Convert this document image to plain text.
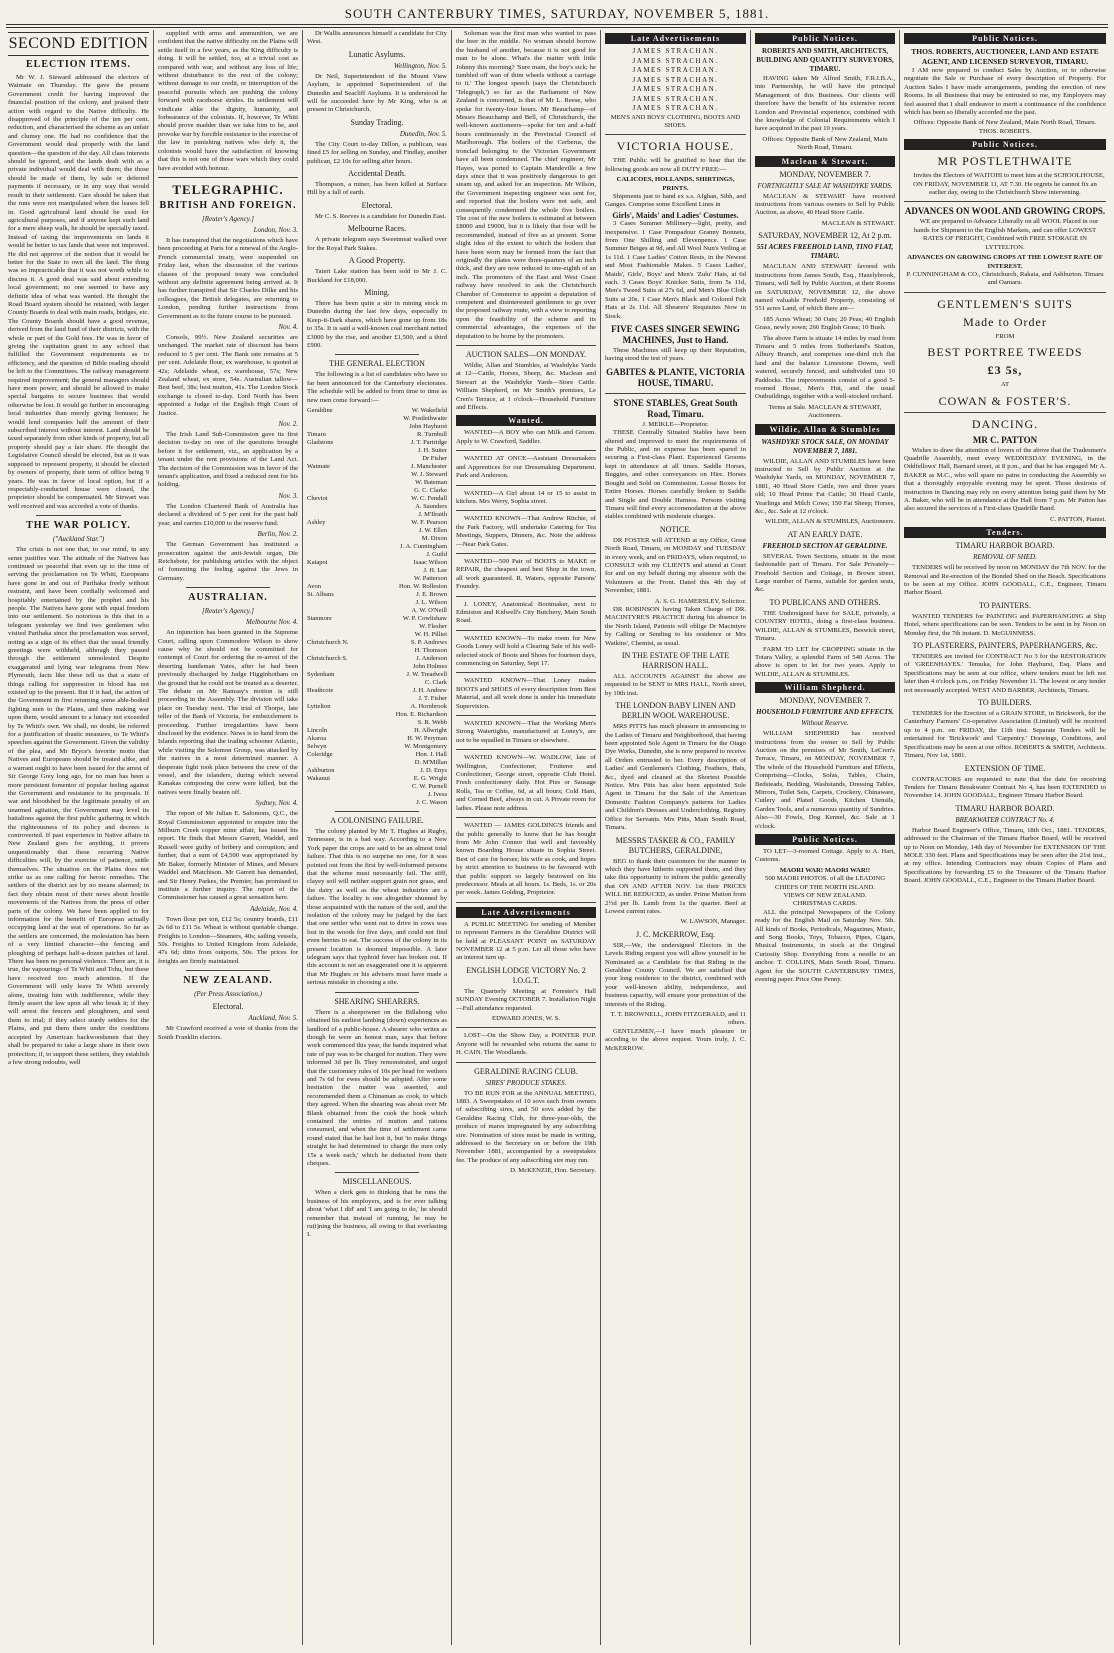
SOUTH CANTERBURY TIMES, SATURDAY, NOVEMBER 5, 1881.
SECOND EDITION
ELECTION ITEMS.

Mr W. J. Steward addressed the electors of Waimate on Thursday. He gave the present Government credit for having improved the financial position of the colony, and praised their action with regard to the Native difficulty. He disapproved of the principle of the ten per cent. reduction, and characterised the scheme as an unfair and clumsy one. He had no confidence that the Government would deal properly with the land question—the question of the day. All class interests should be ignored, and the lands dealt with as a private individual would deal with them; the those should be made of them, by sale or deferred payments if necessary, or in any way that would result in their settlement. Care should be taken that the runs were not manipulated when the leases fell in. Good agricultural land should be used for agricultural purposes, and if anyone kept such land for a mere sheep walk, he should be specially taxed. Instead of taxing the improvements on lands it would be better to tax lands that were not improved. He did not approve of the notion that it would be better for the State to own all the land. The thing was so impracticable that it was not worth while to discuss it. A good deal was said about extending local government; no one seemed to have any definite idea of what was wanted. He thought the Road Board system should be retained, with larger County Boards to deal with main roads, bridges, etc. The County Boards should have a good revenue, derived from the land fund of their districts, with the whole or part of the Gold fees. He was in favor of giving the capitation grant to any school that fulfilled the Government requirements as to efficiency, and the question of Bible reading should be left to the Committees. The railway management required improvement; the general managers should have more power, and should be allowed to make special bargains to secure business that would otherwise be lost. It would go further in encouraging local industries than merely giving bonuses; he would lend companies half the amount of their subscribed interest without interest. Land should be taxed separately from other kinds of property, but all property should pay a fair share. He thought the Legislative Council should be elected, but as it was supposed to represent property, it should be elected by owners of property, their term of office being 9 years. He was in favor of local option, but if a respectably-conducted house were closed, the proprietor should be compensated. Mr Stewart was well received and was accorded a vote of thanks.

THE WAR POLICY.
("Auckland Star.")

The crisis is not one that, to our mind, in any sense justifies war. The attitude of the Natives has continued so peaceful that even up to the time of serving the proclamation on Te Whiti, Europeans have gone in and out of Parihaka freely without restraint, and have been cordially welcomed and hospitably entertained by the prophet and his people. The Natives have gone with equal freedom into our settlement. So notorious is this that in a telegram yesterday we find two gentlemen who visited Parihaka since the proclamation was served, noting as a sign of its effect that the usual friendly greetings were withheld, although they passed through the settlement unmolested. Despite exaggerated and lying war telegrams from New Plymouth, facts like these tell us that a state of things calling for suppression in blood has not existed up to the present. But if it had, the action of the Government in first returning some able-bodied fighting men to the Plains, and then making war upon them, would amount to a lunacy not exceeded by Te Whiti's own. We shall, no doubt, be referred for a justification of drastic measures, to Te Whiti's speeches against the Government. Given the validity of the plea, and Mr Bryce's favorite motto that Natives and Europeans should be treated alike, and a warrant ought to have been issued for the arrest of Sir George Grey long ago, for no man has been a more persistent fomentor of popular feeling against the Government and resistance to its proposals. If war and bloodshed be the legitimate penalty of an unarmed agitation, the Government may level its battalions against the first public gathering in which the righteousness of its policy and decrees is controverted. If past experience in Native affairs in New Zealand goes for anything, it proves unquestionably that these recurring Native difficulties will, by the exercise of patience, settle themselves. The situation on the Plains does not strike us as one calling for heroic remedies. The settlers of the district are by no means alarmed; in fact they obtain most of their news about hostile movements of the Natives from the press of other parts of the colony. We have been applied to for information for the benefit of European actually occupying land at the seat of operations. So far as the settlers are concerned, the molestation has been of a very limited character—the fencing and ploughing of perhaps half-a-dozen patches of land. There has been no personal violence. There are, it is true, the vapourings of Te Whiti and Tohu, but these have received too much attention. If the Government will only leave Te Whiti severely alone, treating him with indifference, while they firmly assert the law upon all who break it; if they will arrest the fencers and ploughmen, and send them to trial; if they select sturdy settlers for the Plains, and put them there under the conditions accepted by American backwoodsmen that they shall be prepared to take a large share in their own protection; if, to support these settlers, they establish a few strong redoubts, well

supplied with arms and ammunition, we are confident that the native difficulty on the Plains will settle itself in a few years, as the King difficulty is doing. It will be settled, too, at a trivial cost as compared with war, and without any loss of life; without disturbance to the rest of the colony; without damage to our credit, or interruption of the peaceful pursuits which are pushing the colony forward with racehorse strides. Its settlement will vindicate alike the dignity, humanity, and forbearance of the colonists. If, however, Te Whiti should prove madder than we take him to be, and provoke war by forcible resistance to the exercise of the law in punishing natives who defy it, the colonists would have the satisfaction of knowing that this is not one of those wars which they could have avoided with honour.

TELEGRAPHIC.
BRITISH AND FOREIGN.
[Reuter's Agency.]
London, Nov. 3.

It has transpired that the negotiations which have been proceeding at Paris for a renewal of the Anglo-French commercial treaty, were suspended on Friday last, when the discussion of the various clauses of the proposed treaty was concluded without any definite agreement being arrived at. It has further transpired that Sir Charles Dilke and his colleagues, the British delegates, are returning to London, pending further instructions from Government as to the future course to be pursued.

Nov. 4.

Consols, 99½. New Zealand securities are unchanged. The market rate of discount has been reduced to 5 per cent. The Bank rate remains at 5 per cent. Adelaide flour, ex warehouse, is quoted at 42s; Adelaide wheat, ex warehouse, 57s; New Zealand wheat, ex store, 54s. Australian tallow—Best beef, 38s; best mutton, 41s. The London Stock exchange is closed to-day. Lord North has been appointed a Judge of the English High Court of Justice.

Nov. 2.

The Irish Land Sub-Commission gave its first decision to-day on one of the questions brought before it for settlement, viz., an application by a tenant under the rent provisions of the Land Act. The decision of the Commission was in favor of the tenant's application, and fixed a reduced rent for his holding.

Nov. 3.

The London Chartered Bank of Australia has declared a dividend of 5 per cent for the past half year, and carries £10,000 to the reserve fund.

Berlin, Nov. 2.

The German Government has instituted a prosecution against the anti-Jewish organ, Die Reichsbote, for publishing articles with the object of fomenting the feeling against the Jews in Germany.

AUSTRALIAN.
[Reuter's Agency.]
Melbourne Nov. 4.

An injunction has been granted in the Supreme Court, calling upon Commodore Wilson to show cause why he should not be committed for contempt of Court for ordering the re-arrest of the deserting bandsman Yates, after he had been previously discharged by Judge Higginbotham on the ground that he could not be treated as a deserter. The debate on Mr Ramsay's motion is still proceeding in the Assembly. The division will take place on Tuesday next. The trial of Thorpe, late teller of the Bank of Victoria, for embezzlement is proceeding. Further irregularities have been disclosed by the evidence. News is to hand from the Islands reporting that the trading schooner Atlantic, while visiting the Solomon Group, was attacked by the natives in a most determined manner. A desperate fight took place between the crew of the vessel, and the islanders, during which several Kanakas composing the crew were killed, but the natives were finally beaten off.

Sydney, Nov. 4.

The report of Mr Julian E. Salomons, Q.C., the Royal Commissioner appointed to enquire into the Milburn Creek copper mine affair, has issued his report. He finds that Messrs Garrett, Waddel, and Russell were guilty of bribery and corruption; and further, that a sum of £4,500 was appropriated by Mr Baker, formerly Minister of Mines, and Messrs Waddel and Matchison. Mr Garrett has demanded, and Sir Henry Parkes, the Premier, has promised to institute a further inquiry. The report of the Commissioner has caused a great sensation here.

Adelaide, Nov. 4.

Town flour per ton, £12 5s; country brands, £11 2s 6d to £11 5s. Wheat is without quotable change. Freights to London—Steamers, 40s; sailing vessels, 50s. Freights to United Kingdom from Adelaide, 47s 6d; ditto from outports, 50s. The prices for freights are firmly maintained.

NEW ZEALAND.
(Per Press Association.)
Electoral.
Auckland, Nov. 5.

Mr Crawford received a vote of thanks from the South Franklin electors.

Dr Wallis announces himself a candidate for City West.

Lunatic Asylums.
Wellington, Nov. 5.

Dr Neil, Superintendent of the Mount View Asylum, is appointed Superintendent of the Dunedin and Seacliff Asylums. It is understood he will be succeeded here by Mr King, who is at present in Christchurch.

Sunday Trading.
Dunedin, Nov. 5.

The City Court to-day Dillon, a publican, was fined £5 for selling on Sunday, and Findlay, another publican, £2 10s for selling after hours.

Accidental Death.

Thompson, a miner, has been killed at Surface Hill by a fall of earth.

Electoral.

Mr C. S. Reeves is a candidate for Dunedin East.

Melbourne Races.

A private telegram says Sweetmeat walked over for the Royal Park Stakes.

A Good Property.

Taieri Lake station has been sold to Mr J. C. Buckland for £18,000.

Mining.

There has been quite a stir in mining stock in Dunedin during the last few days, especially in Keep-it-Dark shares, which have gone up from 18s to 35s. It is said a well-known coal merchant netted £3000 by the rise, and another £1,500, and a third £900.

THE GENERAL ELECTION

The following is a list of candidates who have so far been announced for the Canterbury electorates. The schedule will be added to from time to time as new men come forward:—

Geraldine	W. Wakefield
W. Postlethwaite
John Hayhurst
Timaru	R. Turnbull
Gladstone	J. T. Partridge
J. H. Sutter
Dr Fisher
Waimate	J. Manchester
W. J. Steward
W. Bateman
G. C. Clarke
Cheviot	W. C. Fendall
A. Saunders
J. M'Ilraith
Ashley	W. F. Pearson
J. W. Ellen
M. Dixon
J. A. Cunningham
J. Guild
Kaiapoi	Isaac Wilson
J. H. Lee
W. Patterson
Avon	Hon. W. Rolleston
St. Albans	J. E. Brown
J. L. Wilson
A. W. O'Neill
Stanmore	W. P. Cowlishaw
W. Flesher
W. H. Pilliet
Christchurch N.	S. P. Andrews
H. Thomson
Christchurch S.	J. Anderson
John Holmes
Sydenham	J. W. Treadwell
C. Clark
Heathcote	J. H. Andrew
J. T. Fisher
Lyttelton	A. Hornbrook
Hon. E. Richardson
S. R. Webb
Lincoln	H. Allwright
Akaroa	H. W. Peryman
Selwyn	W. Montgomery
Coleridge	Hon. J. Hall
D. M'Millan
Ashburton	J. D. Enys
Wakanui	E. G. Wright
C. W. Purnell
J. Ivess
J. C. Wason
A COLONISING FAILURE.

The colony planted by Mr T. Hughes at Rugby, Tennessee, is in a bad way. According to a New York paper the crops are said to be an almost total failure. That this is no surprise no one, for it was pointed out from the first by well-informed persons that the scheme must necessarily fail. The stiff, clayey soil will neither support grain nor grass, and the dairy as well as the wheat industries are a failure. The locality is one altogether shunned by those acquainted with the nature of the soil, and the isolation of the colony may be judged by the fact that one settler who went out to drive in cows was lost in the woods for five days, and could not find even berries to eat. The success of the colony in its present location is doomed impossible. A later telegram says that typhoid fever has broken out. If this account is not an exaggerated one it is apparent that Mr Hughes or his advisers must have made a serious mistake in choosing a site.

SHEARING SHEARERS.

There is a sheepowner on the Billabong who obtained his earliest lambing (down) experiences as landlord of a public-house. A shearer who writes as though he were an honest man, says that before work commenced this year, the bands inquired what rate of pay was to be charged for mutton. They were informed 3d per lb. They remonstrated, and urged that the customary rules of 10s per head for wethers and 7s 6d for ewes should be adopted. After some hesitation the matter was assented, and recommended them a Chinaman as cook, to which they agreed. When the shearing was about over Mr Blank obtained from the cook the book which contained the entries of mutton and rations consumed, and when the time of settlement came round stated that he had lost it, but 'to make things straight he had determined to charge the men only 15s a week each,' which he deducted from their cheques.

MISCELLANEOUS.

When a clerk gets to thinking that he runs the business of his employers, and is for ever talking about 'what I did' and 'I am going to do,' he should remember that instead of running, he may be ru(i)ning the business, all owing to that everlasting I.

Soloman was the first man who wanted to pass the beer in the middle. No woman should borrow the husband of another, because it is not good for man to be alone. What's the matter with little Johnny this morning? 'Sure mam, the boy's sick; he tumbled off wan of thim wheels without a carriage to it.' The longest speech (says the Christchurch 'Telegraph,') so far as the Parliament of New Zealand is concerned, is that of Mr L. Reese, who spoke for twenty-four hours. Mr Beauchamp—of Messrs Beauchamp and Bell, of Christchurch, the well-known auctioneers—spoke for ten and a-half hours continuously in the Provincial Council of Marlborough. The boilers of the Cerberus, the ironclad belonging to the Victorian Government have all been condemned. The chief engineer, Mr Hayes, was ported to Captain Mandeville a few days since that it was positively dangerous to get steam up, and asked for an inspection. Mr Wilson, the Government inspecting engineer was sent for, and reported that the boilers were not safe, and consequently condemned the whole five boilers. The cost of the new boilers is estimated at between £8000 and £9000, but it is likely that four will be recommended, instead of five as at present. Some slight idea of the extent to which the boilers that have been worn may be formed from the fact that originally the plates were three-quarters of an inch thick, and they are now reduced to one-eighth of an inch. The promoters of the East and West Coast railway have resolved to ask the Christchurch Chamber of Commerce to appoint a deputation of competent and disinterested gentlemen to go over the proposed railway route, with a view to reporting upon the feasibility of the scheme and its commercial advantages, the expenses of the deputation to be borne by the promoters.

AUCTION SALES—ON MONDAY.

Wildie, Allan and Stumbles, at Washdyke Yards at 12—Cattle, Horses, Sheep, &c. Maclean and Stewart at the Washdyke Yards—Store Cattle. William Shepherd, on Mr Smith's premises, Le Cren's Terrace, at 1 o'clock—Household Furniture and Effects.

Wanted.

WANTED—A BOY who can Milk and Groom. Apply to W. Crawford, Saddler.

WANTED AT ONCE—Assistant Dressmakers and Apprentices for our Dressmaking Department. Park and Anderson.

WANTED—A Girl about 14 or 15 to assist in kitchen. Mrs Werry, Sophia street.

WANTED KNOWN—That Andrew Ritchie, of the Park Factory, will undertake Catering for Tea Meetings, Suppers, Dinners, &c. Note the address—Near Park Gates.

WANTED—500 Pair of BOOTS to MAKE or REPAIR, the cheapest and best Shop in the town, all work guaranteed. R. Waters, opposite Parsons' Foundry.

J. LONEY, Anatomical Bootmaker, next to Edmiston and Kidwell's City Butchery, Main South Road.

WANTED KNOWN—To make room for New Goods Loney will hold a Clearing Sale of his well-selected stock of Boots and Shoes for fourteen days, commencing on Saturday, Sept 17.

WANTED KNOWN—That Loney makes BOOTS and SHOES of every description from Best Material, and all work done is under his immediate Supervision.

WANTED KNOWN—That the Working Men's Strong Watertights, manufactured at Loney's, are not to be equalled in Timaru or elsewhere.

WANTED KNOWN—W. WADLOW, late of Wellington, Confectioner, Fruiterer and Confectioner, George street, opposite Club Hotel. Fresh confectionery daily. Hot Pies or Sausage Rolls, Tea or Coffee, 6d, at all hours; Cold Ham, and Corned Beef, always in cut. A Private room for ladies. Please note address.

WANTED — JAMES GOLDING'S friends and the public generally to know that he has bought from Mr John Connor that well and favorably known Boarding House situate in Sophia Street. Best of care for horses; his wife as cook, and hopes by strict attention to business to be favoured with that public support so largely bestowed on his predecessor. Meals at all hours. 1s. Beds, 1s. or 20s per week. James Golding, Proprietor.

Late Advertisements

A PUBLIC MEETING for sending of Member to represent Farmers in the Geraldine District will be held at PLEASANT POINT on SATURDAY NOVEMBER 12 at 5 p.m. Let all those who have an interest turn up.

ENGLISH LODGE VICTORY No. 2 I.O.G.T.

The Quarterly Meeting at Forester's Hall SUNDAY Evening OCTOBER 7. Installation Night—Full attendance requested.

EDWARD JONES, W. S.

LOST—On the Show Day, a POINTER PUP. Anyone will be rewarded who returns the same to H. CAIN. The Woodlands.

GERALDINE RACING CLUB.
SIRES' PRODUCE STAKES.

TO BE RUN FOR at the ANNUAL MEETING, 1883. A Sweepstakes of 10 sovs each from owners of subscribing sires, and 50 sovs added by the Geraldine Racing Club, for three-year-olds, the produce of mares impregnated by any subscribing sire. Nomination of sires must be made in writing, addressed to the Secretary on or before the 19th November 1881, accompanied by a sweepstakes fee. The produce of any subscribing sire may run.

D. McKENZIE, Hon. Secretary.
Late Advertisements
JAMES STRACHAN.
JAMES STRACHAN.
JAMES STRACHAN.
JAMES STRACHAN.
JAMES STRACHAN.
JAMES STRACHAN.
JAMES STRACHAN.
MEN'S AND BOYS' CLOTHING, BOOTS AND SHOES.
VICTORIA HOUSE.

THE Public will be gratified to hear that the following goods are now all DUTY FREE:—

CALICOES, HOLLANDS, SHIRTINGS, PRINTS.

Shipments just to hand ex s.s. Afghan, Sibh, and Ganges. Comprise some Excellent Lines in

Girls', Maids' and Ladies' Costumes.

3 Cases Summer Millinery—light, pretty, and inexpensive. 1 Case Pompadour Granny Bonnets, from One Shilling and Elevenpence. 1 Case Summer Beiges at 9d, and All Wool Nun's Veiling at 1s 11d. 1 Case Ladies' Cotton Rests, in the Newest and Most Fashionable Makes. 5 Cases Ladies', Maids', Girls', Boys' and Men's 'Zulu' Hats, at 6d each. 3 Cases Boys' Knicker Suits, from 5s 11d, Men's Tweed Suits at 27s 6d, and Men's Blue Cloth Suits at 20s. 1 Case Men's Black and Colored Felt Hats at 2s 11d. All Shearers' Requisites Now in Stock.

FIVE CASES SINGER SEWING MACHINES, Just to Hand.

These Machines still keep up their Reputation, having stood the test of years.

GABITES & PLANTE, VICTORIA HOUSE, TIMARU.
STONE STABLES, Great South Road, Timaru.
J. MEIKLE—Proprietor.

THESE Centrally Situated Stables have been altered and improved to meet the requirements of the Public, and no expense has been spared in securing a First-class Plant. Experienced Grooms kept in attendance at all times. Saddle Horses, Buggies, and other conveyances on Hire. Horses Bought and Sold on Commission. Loose Boxes for Entire Horses. Horses carefully broken to Saddle and Single and Double Harness. Persons visiting Timaru will find every accommodation at the above stables combined with moderate charges.

NOTICE.

DR FOSTER will ATTEND at my Office, Great North Road, Timaru, on MONDAY and TUESDAY in every week, and on FRIDAYS, when required, to CONSULT with my CLIENTS and attend at Court for and on my behalf during my absence with the Volunteers at the Front. Dated this 4th day of November, 1881.

A. S. G. HAMERSLEY, Solicitor.

DR ROBINSON having Taken Charge of DR. MACINTYRE'S PRACTICE during his absence in the North Island, Patients will oblige Dr Macintyre by Calling or Sending to his residence or Mrs Watkins', Chemist, as usual.

IN THE ESTATE OF THE LATE HARRISON HALL.

ALL ACCOUNTS AGAINST the above are requested to be SENT to MRS HALL, North street, by 10th inst.

THE LONDON BABY LINEN AND BERLIN WOOL WAREHOUSE.

MRS PITTS has much pleasure in announcing to the Ladies of Timaru and Neighborhood, that having been appointed Sole Agent in Timaru for the Otago Dye Works, Dunedin, she is now prepared to receive all Orders entrusted to her. Every description of Ladies' and Gentlemen's Clothing, Feathers, Hats, &c., dyed and cleaned at the Shortest Possible Notice. Mrs Pitts has also been appointed Sole Agent in Timaru for the Sale of the American Domestic Fashion Company's patterns for Ladies and Children's Dresses and Underclothing. Registry Office for Servants. Mrs Pitts, Main South Road, Timaru.

MESSRS TASKER & CO., FAMILY BUTCHERS, GERALDINE,

BEG to thank their customers for the manner in which they have hitherto supported them, and they take this opportunity to inform the public generally that ON AND AFTER NOV. 1st their PRICES WILL BE REDUCED, as under. Prime Mutton from 2½d per lb. Lamb from 1s the quarter. Beef at Lowest current rates.

W. LAWSON, Manager.
J. C. McKERROW, Esq.

SIR,—We, the undersigned Electors in the Levels Riding request you will allow yourself to be Nominated as a Candidate for that Riding in the Geraldine County Council. We are satisfied that your long residence in the district, combined with your well-known ability, independence, and business capacity, will ensure your protection of the interests of the Riding.

T. T. BROWNELL, JOHN FITZGERALD, and 11 others.

GENTLEMEN,—I have much pleasure in acceding to the above request. Yours truly, J. C. McKERROW.

Public Notices.
ROBERTS AND SMITH, ARCHITECTS, BUILDING AND QUANTITY SURVEYORS, TIMARU.

HAVING taken Mr Alfred Smith, F.R.I.B.A., into Partnership, he will have the principal Management of this Business. Our clients will therefore have the benefit of his extensive recent London and Provincial experience, combined with the knowledge of Colonial Requirements which I have acquired in the past 10 years.

Offices: Opposite Bank of New Zealand, Main North Road, Timaru.
Maclean & Stewart.
MONDAY, NOVEMBER 7.
FORTNIGHTLY SALE AT WASHDYKE YARDS.

MACLEAN & STEWART have received instructions from various owners to Sell by Public Auction, as above, 40 Head Store Cattle.

MACLEAN & STEWART.
SATURDAY, NOVEMBER 12, At 2 p.m.
551 ACRES FREEHOLD LAND, TINO FLAT, TIMARU.

MACLEAN AND STEWART favored with instructions from James South, Esq., Hazelybrook, Timaru, will Sell by Public Auction, at their Rooms on SATURDAY, NOVEMBER 12, the above named valuable Freehold Property, consisting of 551 acres Land, of which there are—

185 Acres Wheat; 30 Oats; 20 Peas; 40 English Grass, newly sown; 266 English Grass; 10 Bush.

The above Farm is situate 14 miles by road from Timaru and 5 miles from Sutherland's Station, Albury Branch, and comprises one-third rich flat land and the balance Limestone Downs, well watered, securely fenced, and subdivided into 10 Paddocks. The improvements consist of a good 5-roomed House, Men's Hut, and the usual Outbuildings, together with a well-stocked orchard.

Terms at Sale. MACLEAN & STEWART, Auctioneers.
Wildie, Allan & Stumbles
WASHDYKE STOCK SALE, ON MONDAY NOVEMBER 7, 1881.

WILDIE, ALLAN AND STUMBLES have been instructed to Sell by Public Auction at the Washdyke Yards, on MONDAY, NOVEMBER 7, 1881, 40 Head Store Cattle, two and three years old; 10 Head Prime Fat Cattle; 30 Head Cattle, Yearlings and Milch Cows; 150 Fat Sheep; Horses, &c., &c. Sale at 12 o'clock.

WILDIE, ALLAN & STUMBLES, Auctioneers.
AT AN EARLY DATE.
FREEHOLD SECTION AT GERALDINE.

SEVERAL Town Sections, situate in the most fashionable part of Timaru. For Sale Privately—Freehold Section and Cottage, in Brown street. Large number of Farms, suitable for garden seats, &c.

TO PUBLICANS AND OTHERS.

THE Undersigned have for SALE, privately, a COUNTRY HOTEL, doing a first-class business. WILDIE, ALLAN & STUMBLES, Beswick street, Timaru.

FARM TO LET for CROPPING situate in the Totara Valley, a splendid Farm of 540 Acres. The above is open to let for two years. Apply to WILDIE, ALLAN & STUMBLES.

William Shepherd.
MONDAY, NOVEMBER 7.
HOUSEHOLD FURNITURE AND EFFECTS.
Without Reserve.

WILLIAM SHEPHERD has received instructions from the owner to Sell by Public Auction on the premises of Mr Smith, LeCren's Terrace, Timaru, on MONDAY, NOVEMBER 7, The whole of the Household Furniture and Effects, Comprising—Clocks, Sofas, Tables, Chairs, Bedsteads, Bedding, Washstands, Dressing Tables, Mirrors, Toilet Sets, Carpets, Crockery, Chinaware, Cutlery and Plated Goods, Kitchen Utensils, Garden Tools, and a numerous quantity of Sundries. Also—30 Fowls, Dog Kennel, &c. Sale at 1 o'clock.

Public Notices.

TO LET—3-roomed Cottage. Apply to A. Hart, Customs.

MAORI WAR! MAORI WAR!!
500 MAORI PHOTOS. of all the LEADING CHIEFS OF THE NORTH ISLAND.
VIEWS OF NEW ZEALAND.
CHRISTMAS CARDS.

ALL the principal Newspapers of the Colony ready for the English Mail on Saturday Nov. 5th. All kinds of Books, Periodicals, Magazines, Music, and Song Books, Toys, Tobacco, Pipes, Cigars, Musical Instruments, in stock at the Original Curiosity Shop. Everything from a needle to an anchor. T. COLLINS, Main South Road, Timaru. Agent for the SOUTH CANTERBURY TIMES, evening paper. Price One Penny.

Public Notices.
THOS. ROBERTS, AUCTIONEER, LAND AND ESTATE AGENT, AND LICENSED SURVEYOR, TIMARU.

I AM now prepared to conduct Sales by Auction, or to otherwise negotiate the Sale or Purchase of every description of Property. For Auction Sales I have made arrangements, pending the erection of new Rooms. In all Business that may be entrusted to me, my Employers may feel assured that I shall endeavor to merit a continuance of the confidence which has been so liberally accorded me the past.

Offices: Opposite Bank of New Zealand, Main North Road, Timaru. THOS. ROBERTS.
Public Notices.
MR POSTLETHWAITE

Invites the Electors of WAITOHI to meet him at the SCHOOLHOUSE, ON FRIDAY, NOVEMBER 11, AT 7.30. He regrets he cannot fix an earlier day, owing to the Christchurch Show intervening.

ADVANCES ON WOOL AND GROWING CROPS.

WE are prepared to Advance Liberally on all WOOL Placed in our hands for Shipment to the English Markets, and can offer LOWEST RATES OF FREIGHT, Combined with FREE STORAGE IN LYTTELTON.

ADVANCES ON GROWING CROPS AT THE LOWEST RATE OF INTEREST.
P. CUNNINGHAM & CO., Christchurch, Rakaia, and Ashburton. Timaru and Oamaru.
GENTLEMEN'S SUITS
Made to Order
FROM
BEST PORTREE TWEEDS
£3 5s,
AT
COWAN & FOSTER'S.
DANCING.
MR C. PATTON

Wishes to draw the attention of lovers of the above that the Tradesmen's Quadrille Assembly, meet every WEDNESDAY EVENING, in the Oddfellows' Hall, Barnard street, at 8 p.m., and that he has engaged Mr A. BAKER as M.C., who will spare no pains in conducting the Assembly so that a thoroughly enjoyable evening may be spent. Those desirous of instruction in Dancing may rely on every attention being paid them by Mr A. Baker, who will be in attendance at the Hall from 7 p.m. Mr Patton has also secured the services of a First-class Quadrille Band.

C. PATTON, Pianist.
Tenders.
TIMARU HARBOR BOARD.
REMOVAL OF SHED.

TENDERS will be received by noon on MONDAY the 7th NOV. for the Removal and Re-erection of the Bonded Shed on the Beach. Specifications to be seen at my Office. JOHN GOODALL, C.E., Engineer, Timaru Harbor Board.

TO PAINTERS.

WANTED TENDERS for PAINTING and PAPERHANGING at Ship Hotel, where specifications can be seen. Tenders to be sent in by Noon on Monday first, the 7th instant. D. McGUINNESS.

TO PLASTERERS, PAINTERS, PAPERHANGERS, &c.

TENDERS are invited for CONTRACT No 3 for the RESTORATION of 'GREENHAYES.' Temuka, for John Hayhurst, Esq. Plans and Specifications may be seen at our office, where tenders must be left not later than 4 o'clock p.m., on Friday November 11. The lowest or any tender not necessarily accepted. WEST AND BARBER, Architects, Timaru.

TO BUILDERS.

TENDERS for the Erection of a GRAIN STORE, in Brickwork, for the Canterbury Farmers' Co-operative Association (Limited) will be received up to 4 p.m. on FRIDAY, the 11th inst. Separate Tenders will be entertained for 'Brickwork' and 'Carpentry.' Drawings, Conditions, and Specifications may be seen at our office. ROBERTS & SMITH, Architects. Timaru, Nov 1st, 1881.

EXTENSION OF TIME.

CONTRACTORS are requested to note that the date for receiving Tenders for Timaru Breakwater Contract No 4, has been EXTENDED to November 14. JOHN GOODALL, Engineer Timaru Harbor Board.

TIMARU HARBOR BOARD.
BREAKWATER CONTRACT No. 4.

Harbor Board Engineer's Office, Timaru, 18th Oct., 1881. TENDERS, addressed to the Chairman of the Timaru Harbor Board, will be received up to Noon on Monday, 14th day of November for EXTENSION OF THE MOLE 330 feet. Plans and Specifications may be seen after the 21st inst., at my office. Intending Contractors may obtain Copies of Plans and Specifications by forwarding £5 to the Treasurer of the Timaru Harbor Board. JOHN GOODALL, C.E., Engineer to the Timaru Harbor Board.
